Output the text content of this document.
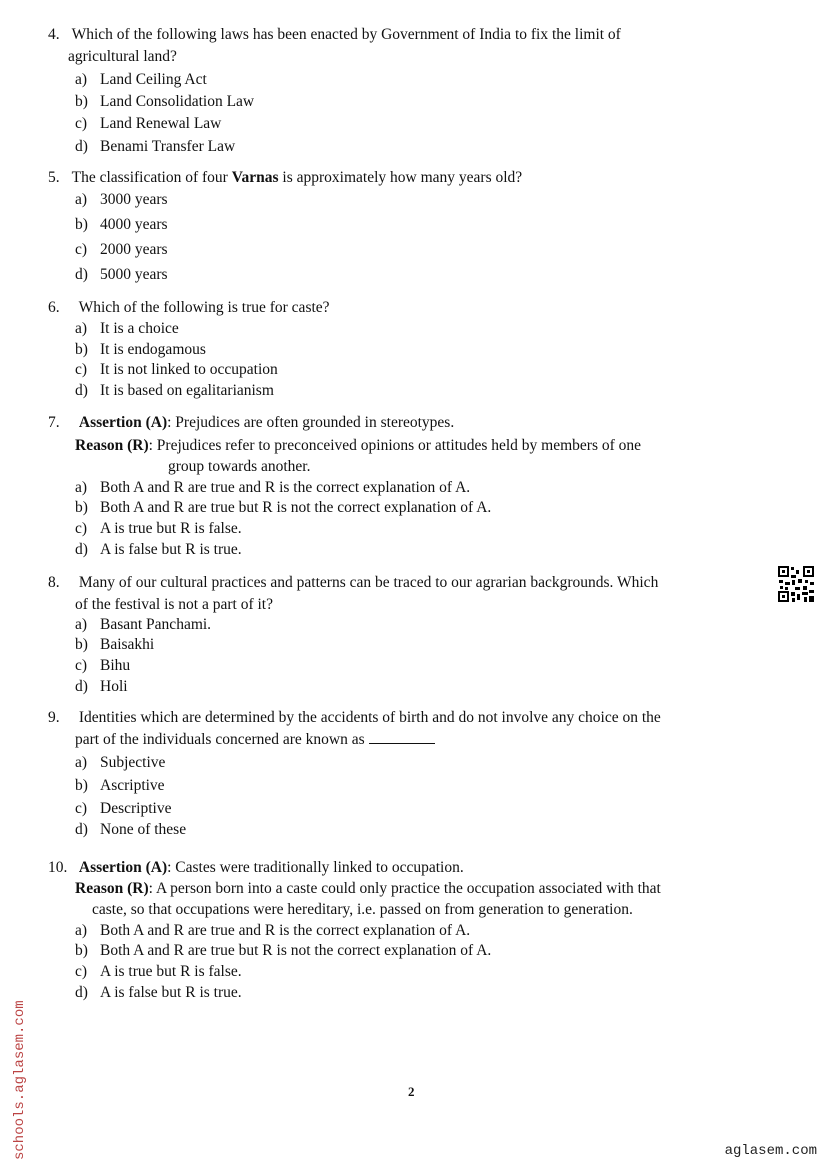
4. Which of the following laws has been enacted by Government of India to fix the limit of
agricultural land?
a) Land Ceiling Act
b) Land Consolidation Law
c) Land Renewal Law
d) Benami Transfer Law
5. The classification of four Varnas is approximately how many years old?
a) 3000 years
b) 4000 years
c) 2000 years
d) 5000 years
6. Which of the following is true for caste?
a) It is a choice
b) It is endogamous
c) It is not linked to occupation
d) It is based on egalitarianism
7. Assertion (A): Prejudices are often grounded in stereotypes.
Reason (R): Prejudices refer to preconceived opinions or attitudes held by members of one
group towards another.
a) Both A and R are true and R is the correct explanation of A.
b) Both A and R are true but R is not the correct explanation of A.
c) A is true but R is false.
d) A is false but R is true.
8. Many of our cultural practices and patterns can be traced to our agrarian backgrounds. Which
of the festival is not a part of it?
a) Basant Panchami.
b) Baisakhi
c) Bihu
d) Holi
9. Identities which are determined by the accidents of birth and do not involve any choice on the
part of the individuals concerned are known as
a) Subjective
b) Ascriptive
c) Descriptive
d) None of these
10. Assertion (A): Castes were traditionally linked to occupation.
Reason (R): A person born into a caste could only practice the occupation associated with that
caste, so that occupations were hereditary, i.e. passed on from generation to generation.
a) Both A and R are true and R is the correct explanation of A.
b) Both A and R are true but R is not the correct explanation of A.
c) A is true but R is false.
d) A is false but R is true.
2
schools.aglasem.com	aglasem.com
